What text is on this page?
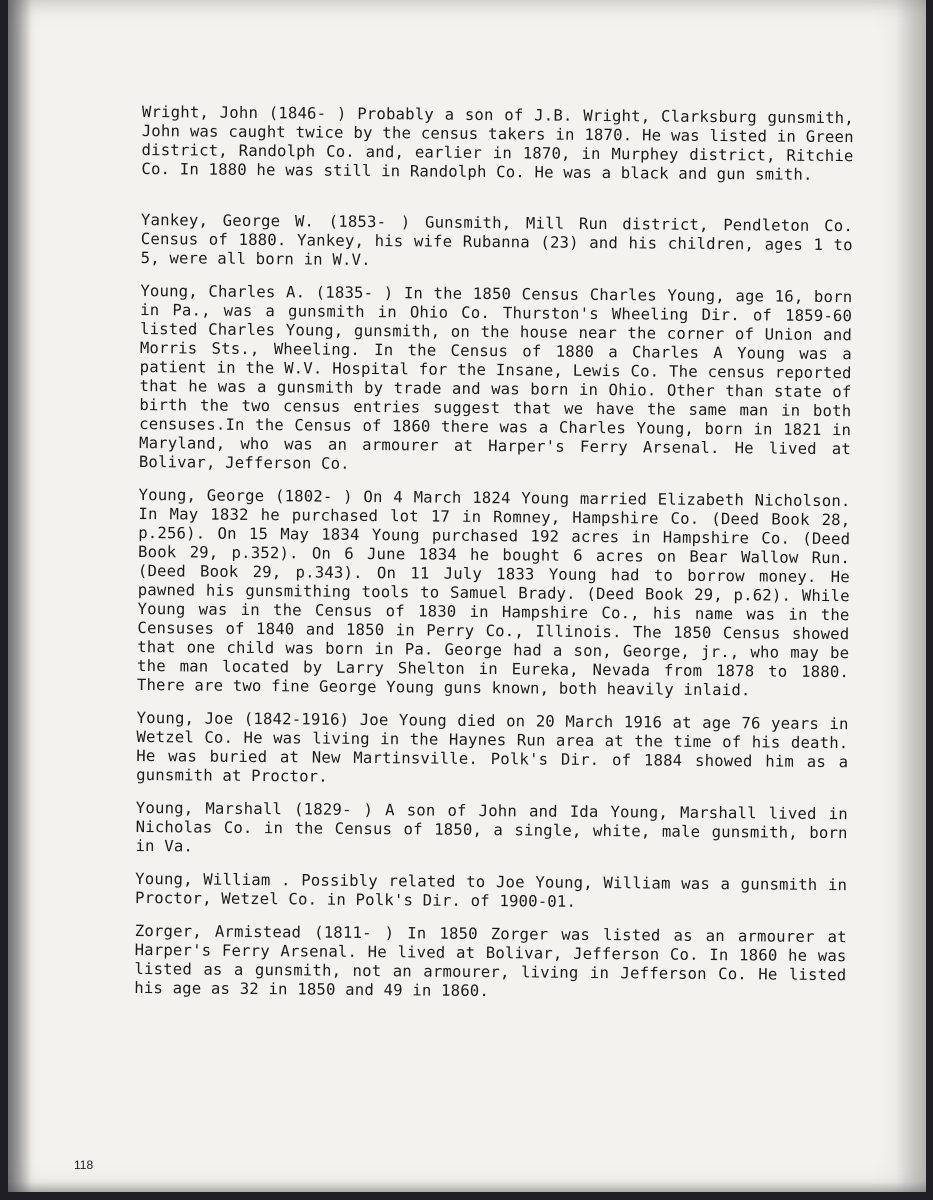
Wright, John (1846- ) Probably a son of J.B. Wright, Clarksburg gunsmith, John was caught twice by the census takers in 1870. He was listed in Green district, Randolph Co. and, earlier in 1870, in Murphey district, Ritchie Co. In 1880 he was still in Randolph Co. He was a black and gun smith.

Yankey, George W. (1853- ) Gunsmith, Mill Run district, Pendleton Co. Census of 1880. Yankey, his wife Rubanna (23) and his children, ages 1 to 5, were all born in W.V.

Young, Charles A. (1835- ) In the 1850 Census Charles Young, age 16, born in Pa., was a gunsmith in Ohio Co. Thurston's Wheeling Dir. of 1859-60 listed Charles Young, gunsmith, on the house near the corner of Union and Morris Sts., Wheeling. In the Census of 1880 a Charles A Young was a patient in the W.V. Hospital for the Insane, Lewis Co. The census reported that he was a gunsmith by trade and was born in Ohio. Other than state of birth the two census entries suggest that we have the same man in both censuses.In the Census of 1860 there was a Charles Young, born in 1821 in Maryland, who was an armourer at Harper's Ferry Arsenal. He lived at Bolivar, Jefferson Co.

Young, George (1802- ) On 4 March 1824 Young married Elizabeth Nicholson. In May 1832 he purchased lot 17 in Romney, Hampshire Co. (Deed Book 28, p.256). On 15 May 1834 Young purchased 192 acres in Hampshire Co. (Deed Book 29, p.352). On 6 June 1834 he bought 6 acres on Bear Wallow Run. (Deed Book 29, p.343). On 11 July 1833 Young had to borrow money. He pawned his gunsmithing tools to Samuel Brady. (Deed Book 29, p.62). While Young was in the Census of 1830 in Hampshire Co., his name was in the Censuses of 1840 and 1850 in Perry Co., Illinois. The 1850 Census showed that one child was born in Pa. George had a son, George, jr., who may be the man located by Larry Shelton in Eureka, Nevada from 1878 to 1880. There are two fine George Young guns known, both heavily inlaid.

Young, Joe (1842-1916) Joe Young died on 20 March 1916 at age 76 years in Wetzel Co. He was living in the Haynes Run area at the time of his death. He was buried at New Martinsville. Polk's Dir. of 1884 showed him as a gunsmith at Proctor.

Young, Marshall (1829- ) A son of John and Ida Young, Marshall lived in Nicholas Co. in the Census of 1850, a single, white, male gunsmith, born in Va.

Young, William . Possibly related to Joe Young, William was a gunsmith in Proctor, Wetzel Co. in Polk's Dir. of 1900-01.

Zorger, Armistead (1811- ) In 1850 Zorger was listed as an armourer at Harper's Ferry Arsenal. He lived at Bolivar, Jefferson Co. In 1860 he was listed as a gunsmith, not an armourer, living in Jefferson Co. He listed his age as 32 in 1850 and 49 in 1860.

118
